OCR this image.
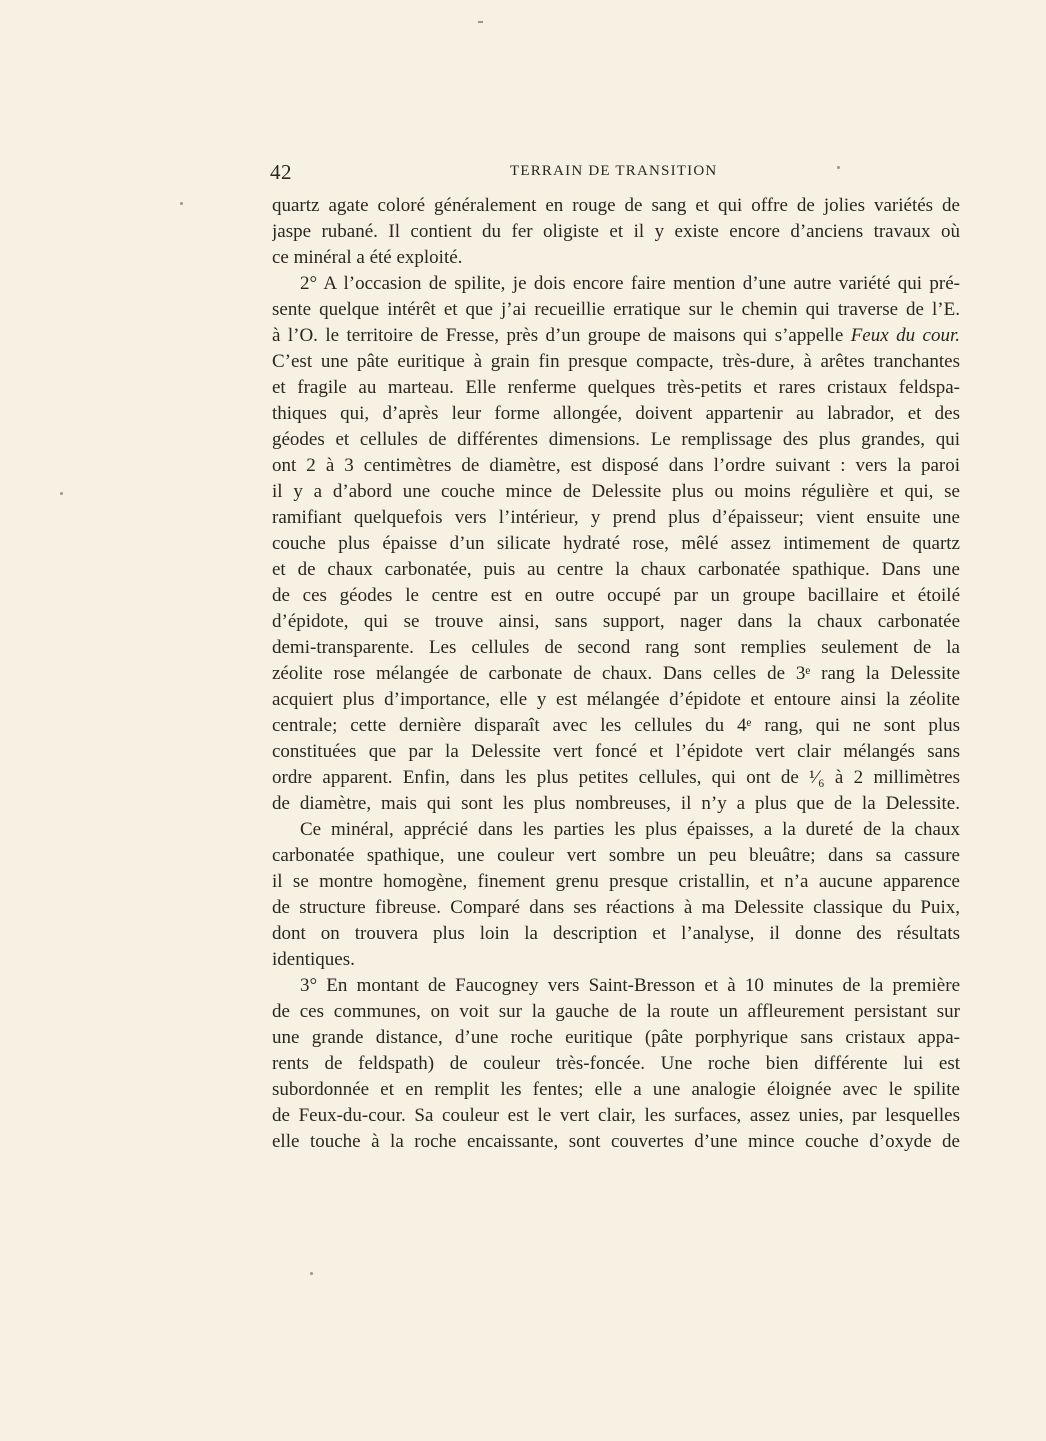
42	TERRAIN DE TRANSITION
quartz agate coloré généralement en rouge de sang et qui offre de jolies variétés de
jaspe rubané. Il contient du fer oligiste et il y existe encore d’anciens travaux où
ce minéral a été exploité.
2° A l’occasion de spilite, je dois encore faire mention d’une autre variété qui pré-
sente quelque intérêt et que j’ai recueillie erratique sur le chemin qui traverse de l’E.
à l’O. le territoire de Fresse, près d’un groupe de maisons qui s’appelle Feux du cour.
C’est une pâte euritique à grain fin presque compacte, très-dure, à arêtes tranchantes
et fragile au marteau. Elle renferme quelques très-petits et rares cristaux feldspa-
thiques qui, d’après leur forme allongée, doivent appartenir au labrador, et des
géodes et cellules de différentes dimensions. Le remplissage des plus grandes, qui
ont 2 à 3 centimètres de diamètre, est disposé dans l’ordre suivant : vers la paroi
il y a d’abord une couche mince de Delessite plus ou moins régulière et qui, se
ramifiant quelquefois vers l’intérieur, y prend plus d’épaisseur; vient ensuite une
couche plus épaisse d’un silicate hydraté rose, mêlé assez intimement de quartz
et de chaux carbonatée, puis au centre la chaux carbonatée spathique. Dans une
de ces géodes le centre est en outre occupé par un groupe bacillaire et étoilé
d’épidote, qui se trouve ainsi, sans support, nager dans la chaux carbonatée
demi-transparente. Les cellules de second rang sont remplies seulement de la
zéolite rose mélangée de carbonate de chaux. Dans celles de 3ᵉ rang la Delessite
acquiert plus d’importance, elle y est mélangée d’épidote et entoure ainsi la zéolite
centrale; cette dernière disparaît avec les cellules du 4ᵉ rang, qui ne sont plus
constituées que par la Delessite vert foncé et l’épidote vert clair mélangés sans
ordre apparent. Enfin, dans les plus petites cellules, qui ont de ¹⁄₆ à 2 millimètres
de diamètre, mais qui sont les plus nombreuses, il n’y a plus que de la Delessite.
Ce minéral, apprécié dans les parties les plus épaisses, a la dureté de la chaux
carbonatée spathique, une couleur vert sombre un peu bleuâtre; dans sa cassure
il se montre homogène, finement grenu presque cristallin, et n’a aucune apparence
de structure fibreuse. Comparé dans ses réactions à ma Delessite classique du Puix,
dont on trouvera plus loin la description et l’analyse, il donne des résultats
identiques.
3° En montant de Faucogney vers Saint-Bresson et à 10 minutes de la première
de ces communes, on voit sur la gauche de la route un affleurement persistant sur
une grande distance, d’une roche euritique (pâte porphyrique sans cristaux appa-
rents de feldspath) de couleur très-foncée. Une roche bien différente lui est
subordonnée et en remplit les fentes; elle a une analogie éloignée avec le spilite
de Feux-du-cour. Sa couleur est le vert clair, les surfaces, assez unies, par lesquelles
elle touche à la roche encaissante, sont couvertes d’une mince couche d’oxyde de
